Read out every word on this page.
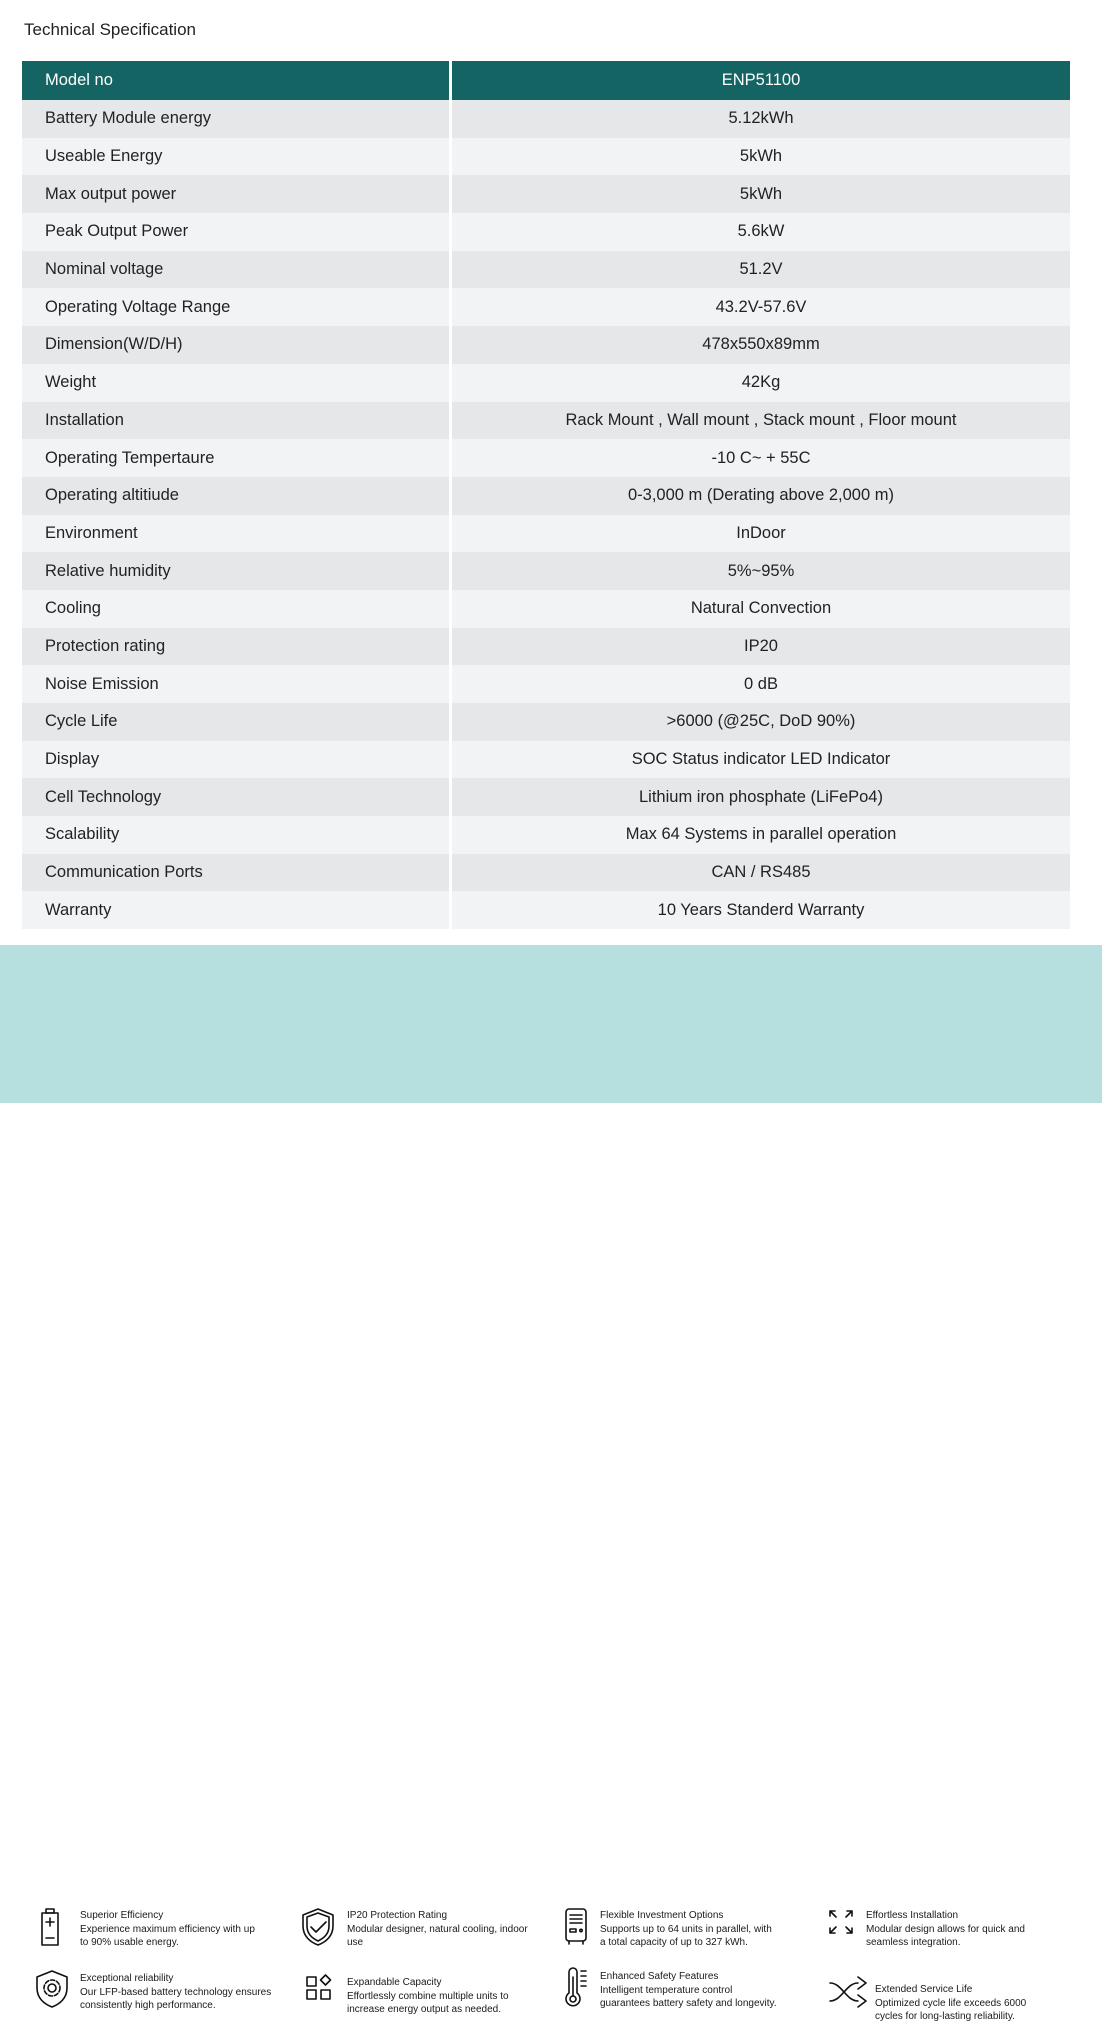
Technical Specification
Model no	ENP51100
Battery Module energy	5.12kWh
Useable Energy	5kWh
Max output power	5kWh
Peak Output Power	5.6kW
Nominal voltage	51.2V
Operating Voltage Range	43.2V-57.6V
Dimension(W/D/H)	478x550x89mm
Weight	42Kg
Installation	Rack Mount , Wall mount , Stack mount , Floor mount
Operating Tempertaure	-10 C~ + 55C
Operating altitiude	0-3,000 m (Derating above 2,000 m)
Environment	InDoor
Relative humidity	5%~95%
Cooling	Natural Convection
Protection rating	IP20
Noise Emission	0 dB
Cycle Life	>6000 (@25C, DoD 90%)
Display	SOC Status indicator LED Indicator
Cell Technology	Lithium iron phosphate (LiFePo4)
Scalability	Max 64 Systems in parallel operation
Communication Ports	CAN / RS485
Warranty	10 Years Standerd Warranty
Superior Efficiency
Experience maximum efficiency with up
to 90% usable energy.
IP20 Protection Rating
Modular designer, natural cooling, indoor
use
Flexible Investment Options
Supports up to 64 units in parallel, with
a total capacity of up to 327 kWh.
Effortless Installation
Modular design allows for quick and
seamless integration.
Exceptional reliability
Our LFP-based battery technology ensures
consistently high performance.
Expandable Capacity
Effortlessly combine multiple units to
increase energy output as needed.
Enhanced Safety Features
Intelligent temperature control
guarantees battery safety and longevity.
Extended Service Life
Optimized cycle life exceeds 6000
cycles for long-lasting reliability.
